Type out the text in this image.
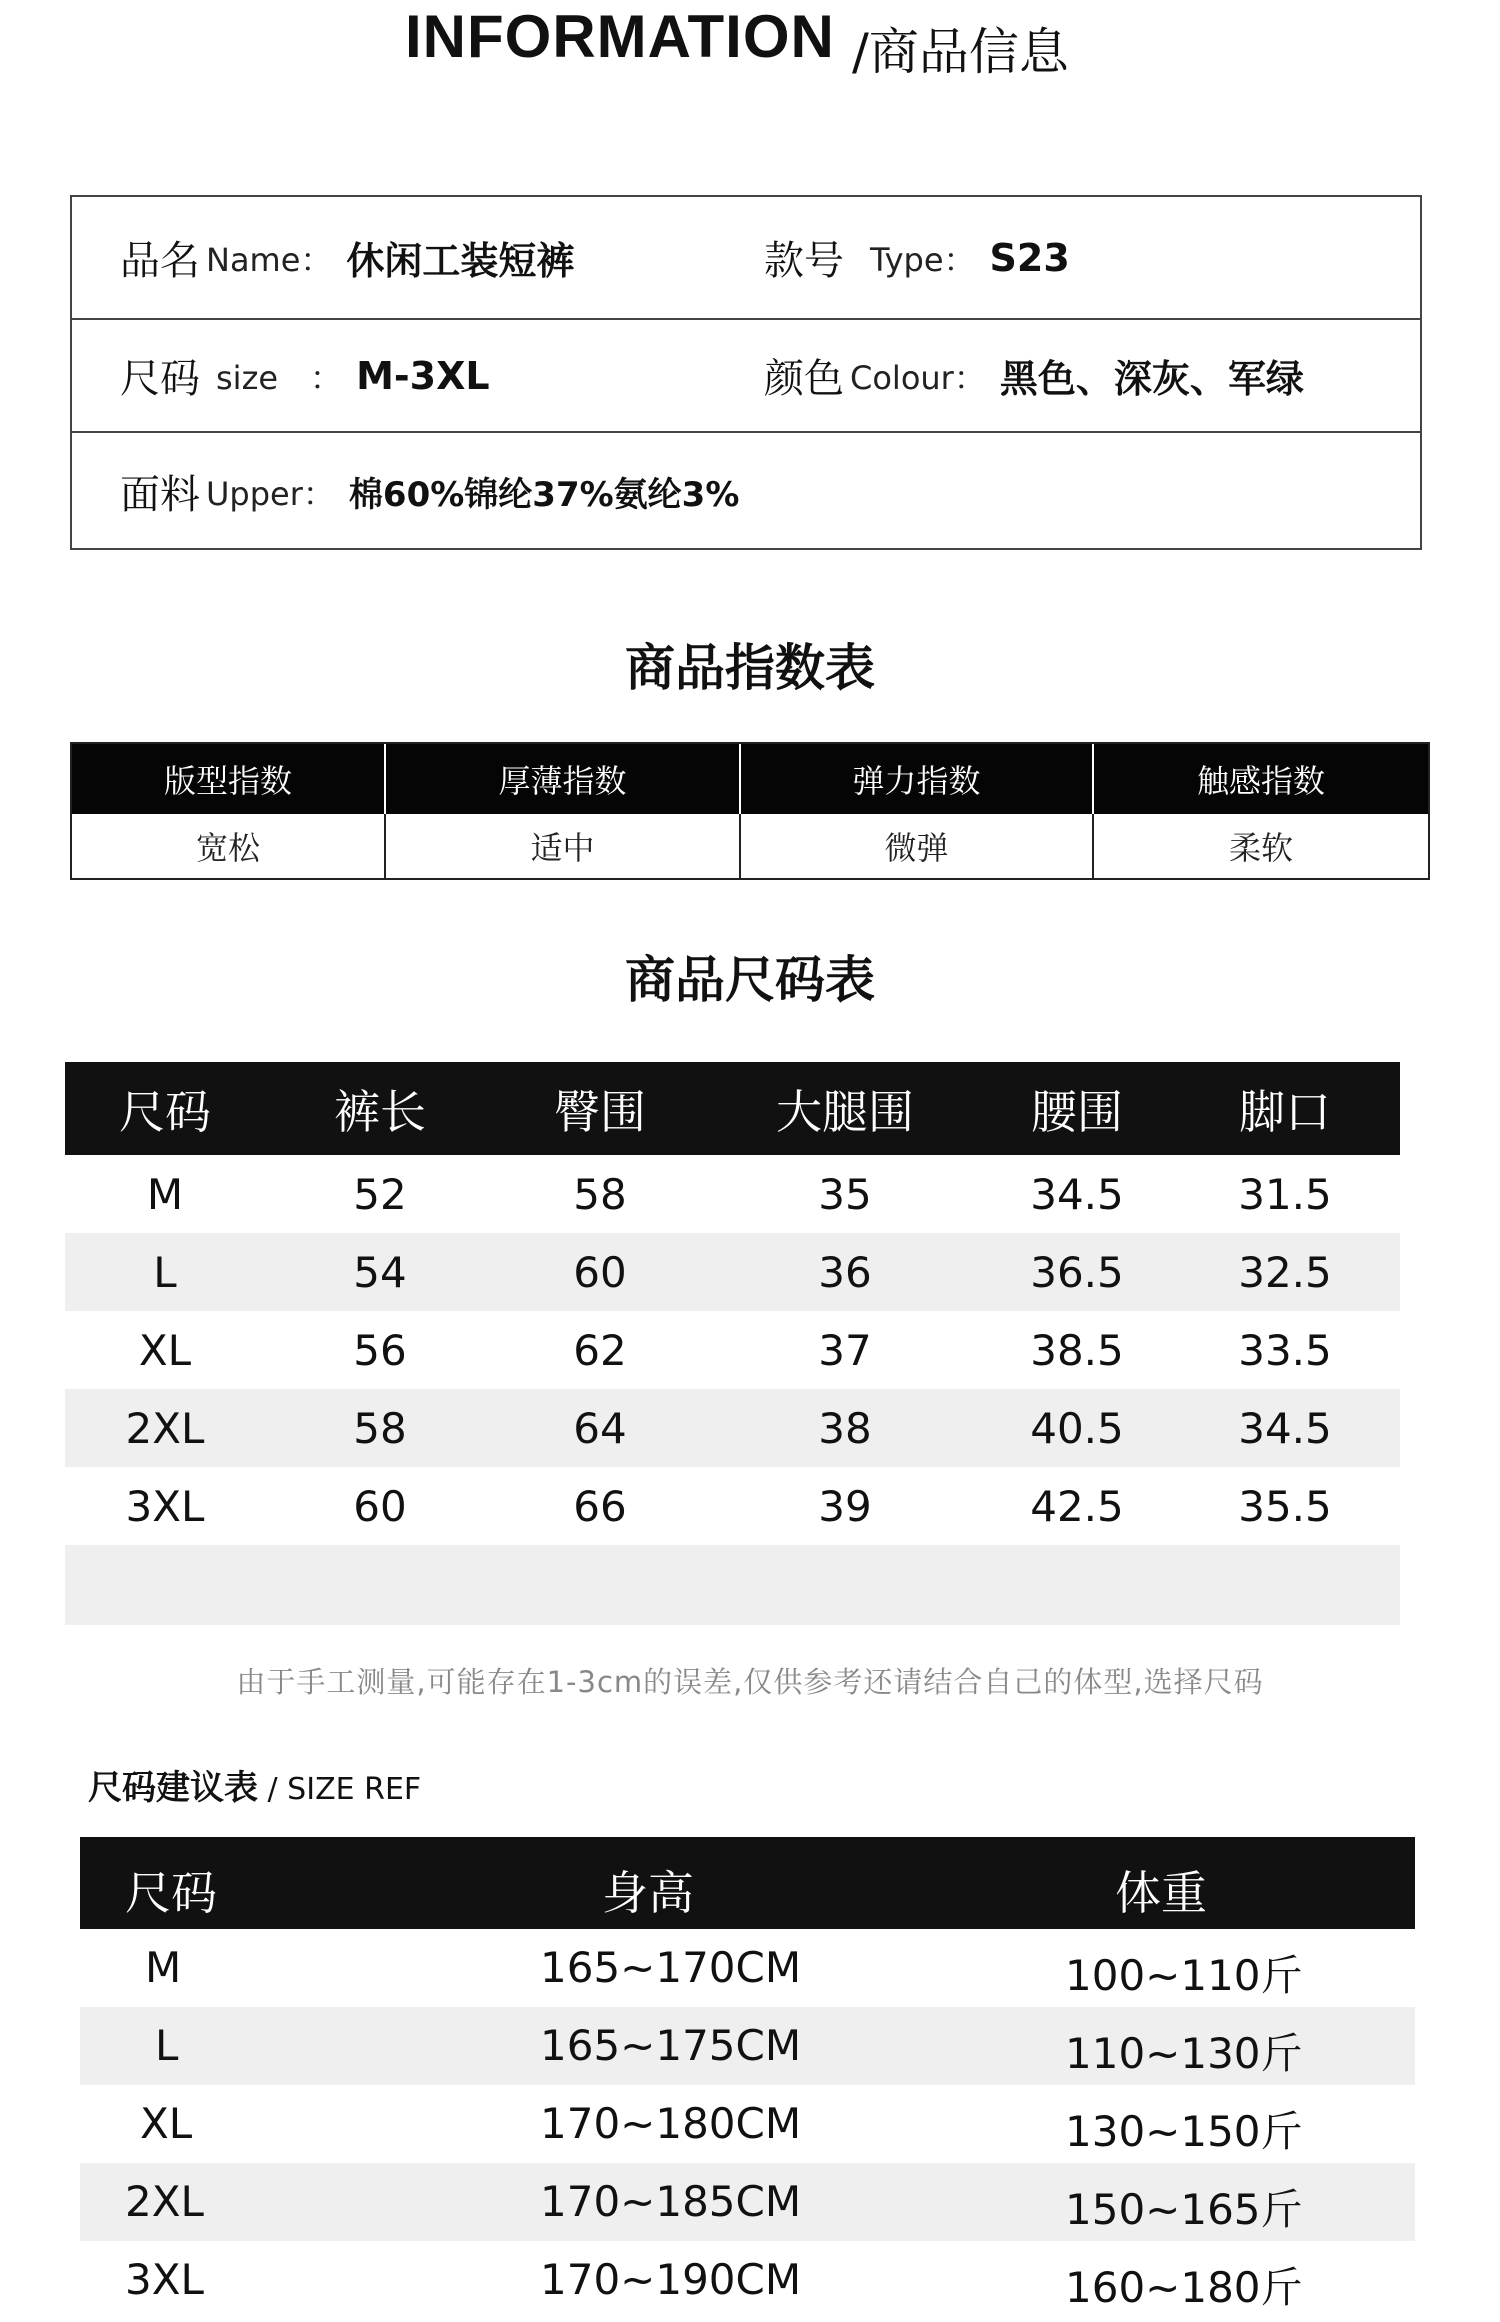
INFORMATION /商品信息
品名 Name： 休闲工装短裤	款号 Type： S23
尺码 size　： M-3XL	颜色 Colour： 黑色、深灰、军绿
面料 Upper： 棉60%锦纶37%氨纶3%
商品指数表
版型指数	厚薄指数	弹力指数	触感指数
宽松	适中	微弹	柔软
商品尺码表
尺码	裤长	臀围	大腿围	腰围	脚口
M	52	58	35	34.5	31.5
L	54	60	36	36.5	32.5
XL	56	62	37	38.5	33.5
2XL	58	64	38	40.5	34.5
3XL	60	66	39	42.5	35.5
由于手工测量,可能存在1-3cm的误差,仅供参考还请结合自己的体型,选择尺码
尺码建议表 / SIZE REF
尺码	身高	体重
M	165~170CM	100~110斤
L	165~175CM	110~130斤
XL	170~180CM	130~150斤
2XL	170~185CM	150~165斤
3XL	170~190CM	160~180斤
